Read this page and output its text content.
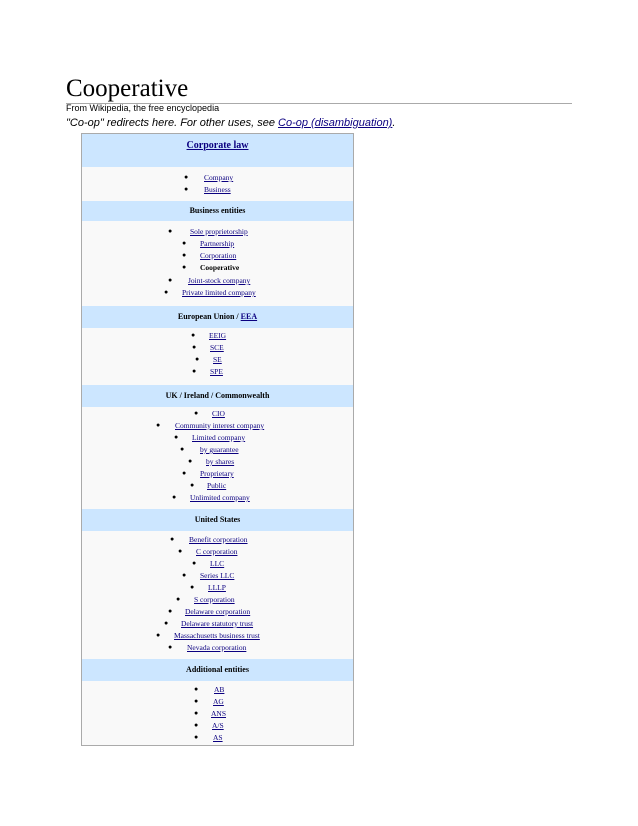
Cooperative
From Wikipedia, the free encyclopedia
"Co-op" redirects here. For other uses, see Co-op (disambiguation).
Corporate law
● Company
● Business
Business entities
● Sole proprietorship
● Partnership
● Corporation
● Cooperative
● Joint-stock company
● Private limited company
European Union / EEA
● EEIG
● SCE
● SE
● SPE
UK / Ireland / Commonwealth
● CIO
● Community interest company
● Limited company
● by guarantee
● by shares
● Proprietary
● Public
● Unlimited company
United States
● Benefit corporation
● C corporation
● LLC
● Series LLC
● LLLP
● S corporation
● Delaware corporation
● Delaware statutory trust
● Massachusetts business trust
● Nevada corporation
Additional entities
● AB
● AG
● ANS
● A/S
● AS
